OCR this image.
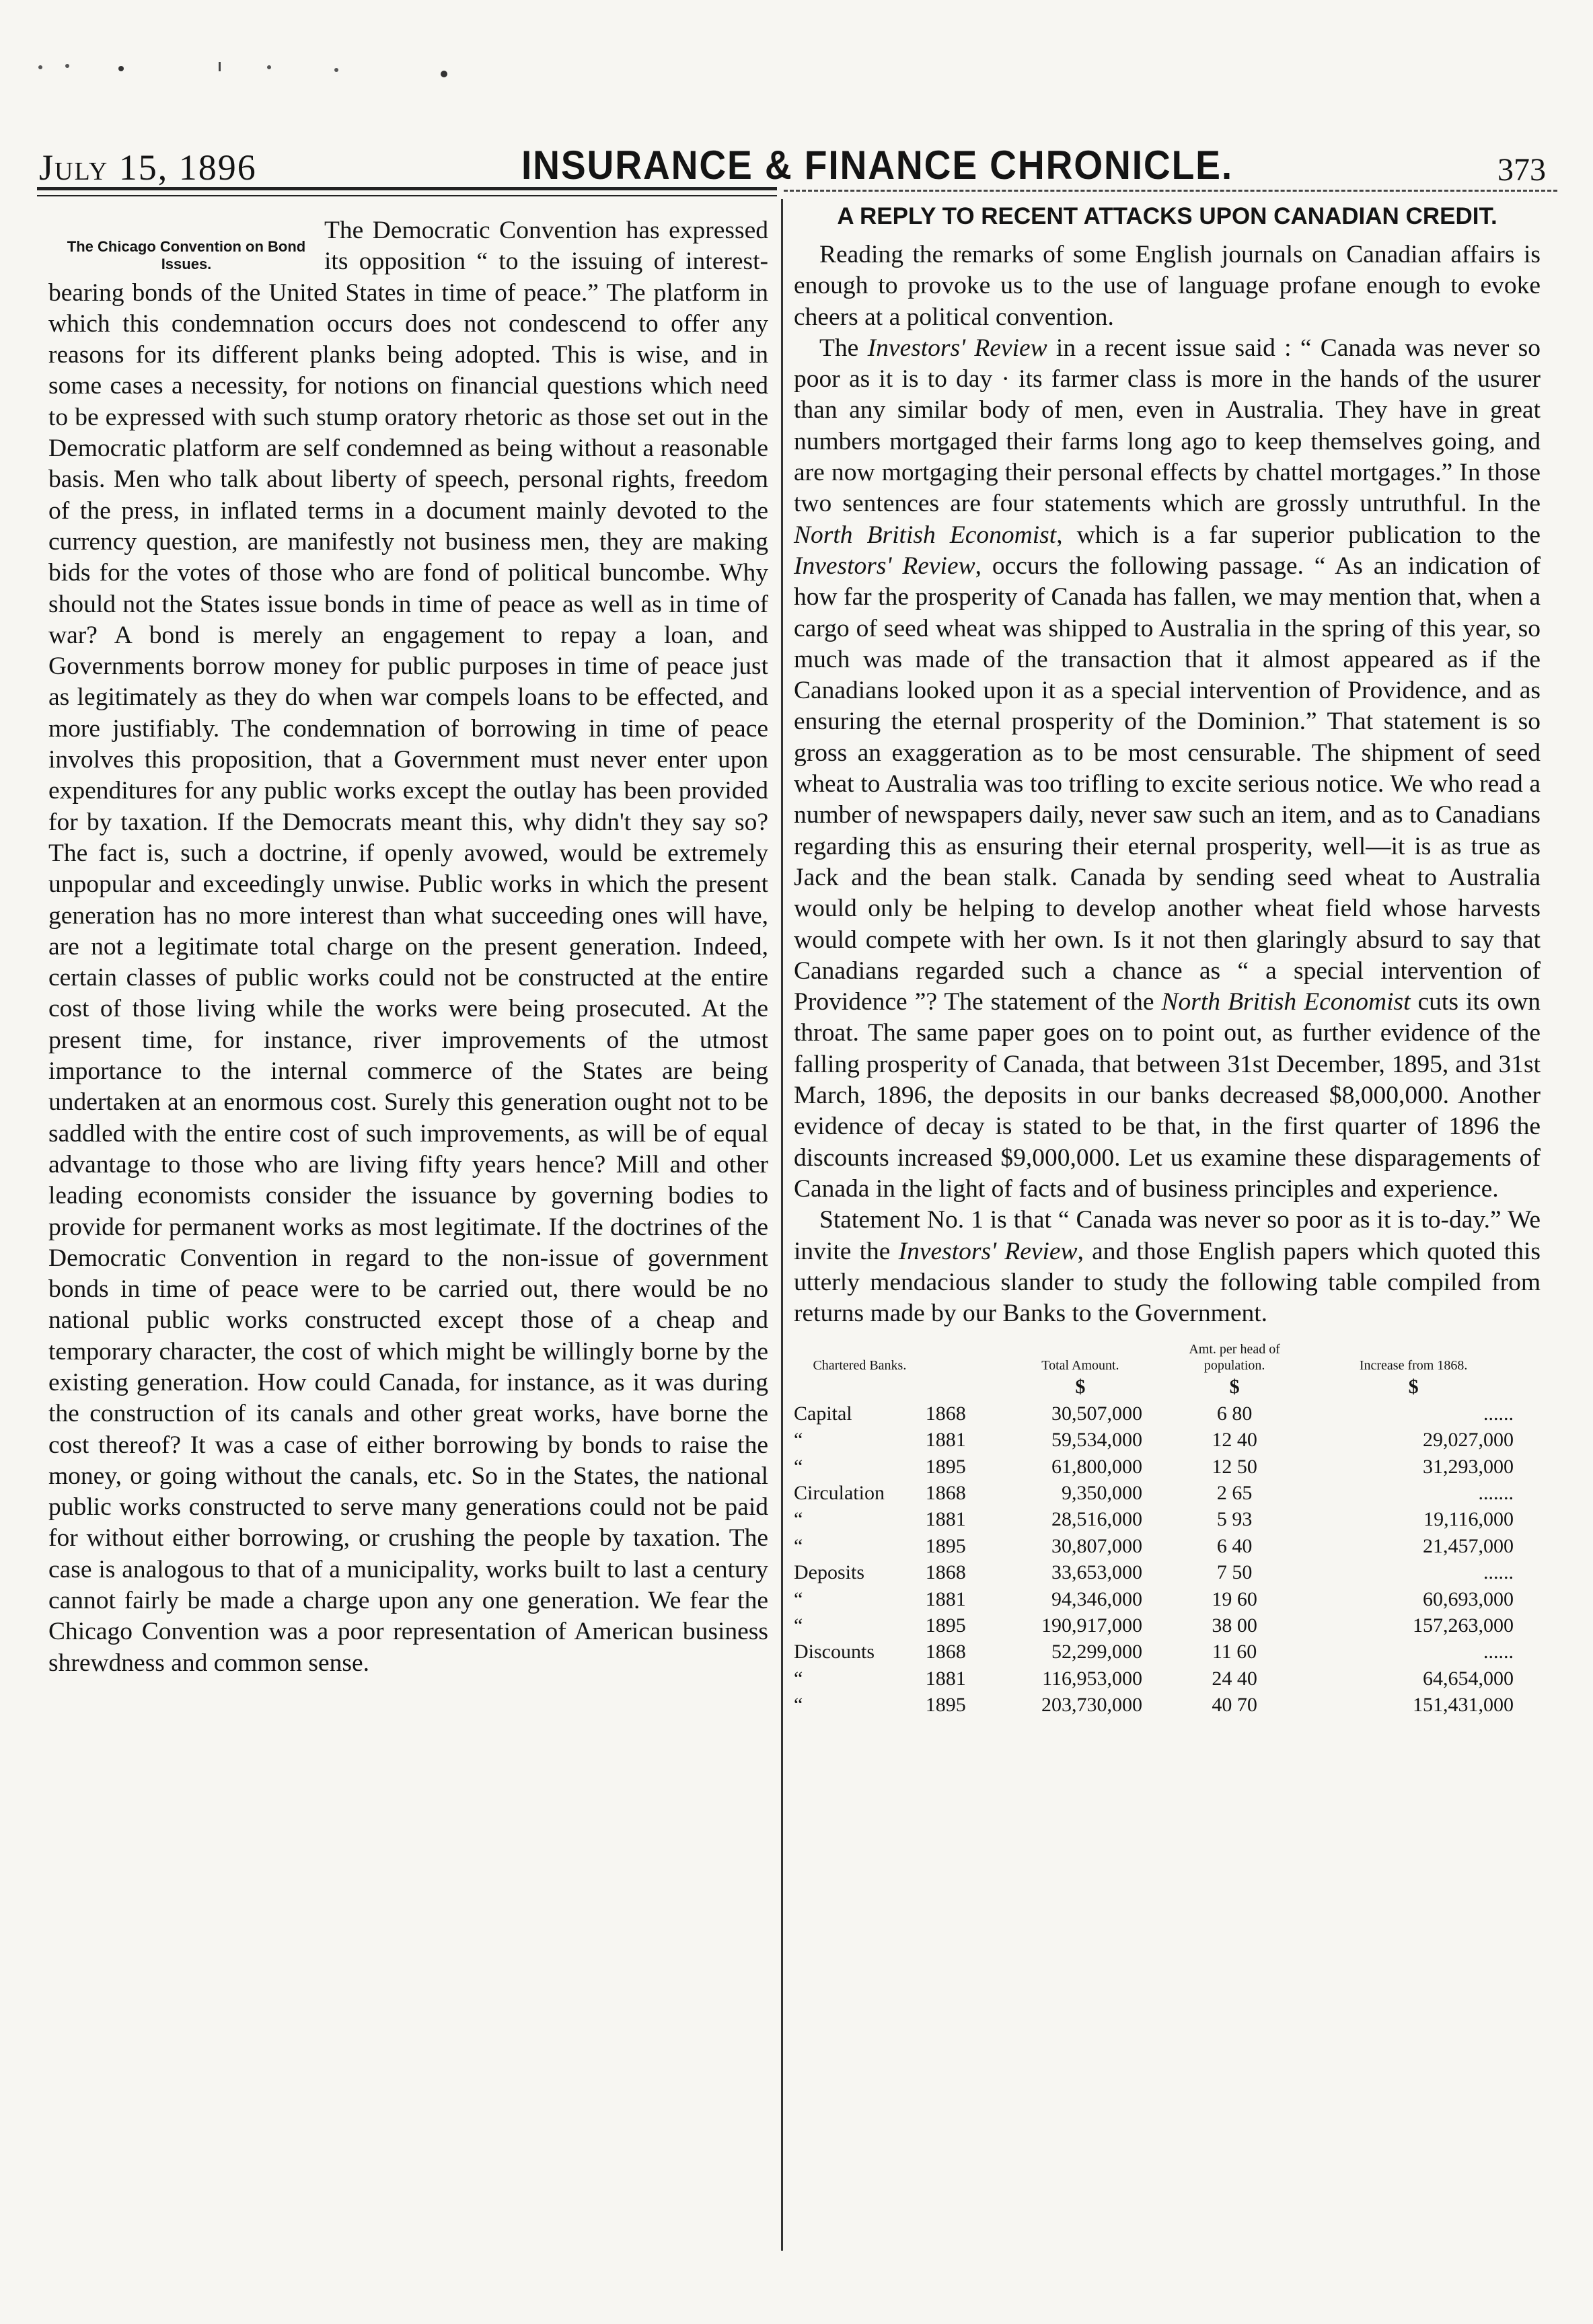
July 15, 1896	INSURANCE & FINANCE CHRONICLE.	373
The Chicago Convention on Bond Issues.

The Democratic Convention has expressed its opposition “ to the issuing of interest-bearing bonds of the United States in time of peace.” The platform in which this condemnation occurs does not condescend to offer any reasons for its different planks being adopted. This is wise, and in some cases a necessity, for notions on financial questions which need to be expressed with such stump oratory rhetoric as those set out in the Democratic platform are self condemned as being without a reasonable basis. Men who talk about liberty of speech, personal rights, freedom of the press, in inflated terms in a document mainly devoted to the currency question, are manifestly not business men, they are making bids for the votes of those who are fond of political buncombe. Why should not the States issue bonds in time of peace as well as in time of war? A bond is merely an engagement to repay a loan, and Governments borrow money for public purposes in time of peace just as legitimately as they do when war compels loans to be effected, and more justifiably. The condemnation of borrowing in time of peace involves this proposition, that a Government must never enter upon expenditures for any public works except the outlay has been provided for by taxation. If the Democrats meant this, why didn't they say so? The fact is, such a doctrine, if openly avowed, would be extremely unpopular and exceedingly unwise. Public works in which the present generation has no more interest than what succeeding ones will have, are not a legitimate total charge on the present generation. Indeed, certain classes of public works could not be constructed at the entire cost of those living while the works were being prosecuted. At the present time, for instance, river improvements of the utmost importance to the internal commerce of the States are being undertaken at an enormous cost. Surely this generation ought not to be saddled with the entire cost of such improvements, as will be of equal advantage to those who are living fifty years hence? Mill and other leading economists consider the issuance by governing bodies to provide for permanent works as most legitimate. If the doctrines of the Democratic Convention in regard to the non-issue of government bonds in time of peace were to be carried out, there would be no national public works constructed except those of a cheap and temporary character, the cost of which might be willingly borne by the existing generation. How could Canada, for instance, as it was during the construction of its canals and other great works, have borne the cost thereof? It was a case of either borrowing by bonds to raise the money, or going without the canals, etc. So in the States, the national public works constructed to serve many generations could not be paid for without either borrowing, or crushing the people by taxation. The case is analogous to that of a municipality, works built to last a century cannot fairly be made a charge upon any one generation. We fear the Chicago Convention was a poor representation of American business shrewdness and common sense.

A REPLY TO RECENT ATTACKS UPON CANADIAN CREDIT.

Reading the remarks of some English journals on Canadian affairs is enough to provoke us to the use of language profane enough to evoke cheers at a political convention.

The Investors' Review in a recent issue said : “ Canada was never so poor as it is to day · its farmer class is more in the hands of the usurer than any similar body of men, even in Australia. They have in great numbers mortgaged their farms long ago to keep themselves going, and are now mortgaging their personal effects by chattel mortgages.” In those two sentences are four statements which are grossly untruthful. In the North British Economist, which is a far superior publication to the Investors' Review, occurs the following passage. “ As an indication of how far the prosperity of Canada has fallen, we may mention that, when a cargo of seed wheat was shipped to Australia in the spring of this year, so much was made of the transaction that it almost appeared as if the Canadians looked upon it as a special intervention of Providence, and as ensuring the eternal prosperity of the Dominion.” That statement is so gross an exaggeration as to be most censurable. The shipment of seed wheat to Australia was too trifling to excite serious notice. We who read a number of newspapers daily, never saw such an item, and as to Canadians regarding this as ensuring their eternal prosperity, well—it is as true as Jack and the bean stalk. Canada by sending seed wheat to Australia would only be helping to develop another wheat field whose harvests would compete with her own. Is it not then glaringly absurd to say that Canadians regarded such a chance as “ a special intervention of Providence ”? The statement of the North British Economist cuts its own throat. The same paper goes on to point out, as further evidence of the falling prosperity of Canada, that between 31st December, 1895, and 31st March, 1896, the deposits in our banks decreased $8,000,000. Another evidence of decay is stated to be that, in the first quarter of 1896 the discounts increased $9,000,000. Let us examine these disparagements of Canada in the light of facts and of business principles and experience.

Statement No. 1 is that “ Canada was never so poor as it is to-day.” We invite the Investors' Review, and those English papers which quoted this utterly mendacious slander to study the following table compiled from returns made by our Banks to the Government.

Chartered Banks.		Total Amount.	Amt. per head of population.	Increase from 1868.
		$	$	$
Capital	1868	30,507,000	6 80	......
“	1881	59,534,000	12 40	29,027,000
“	1895	61,800,000	12 50	31,293,000
Circulation	1868	9,350,000	2 65	.......
“	1881	28,516,000	5 93	19,116,000
“	1895	30,807,000	6 40	21,457,000
Deposits	1868	33,653,000	7 50	......
“	1881	94,346,000	19 60	60,693,000
“	1895	190,917,000	38 00	157,263,000
Discounts	1868	52,299,000	11 60	......
“	1881	116,953,000	24 40	64,654,000
“	1895	203,730,000	40 70	151,431,000
